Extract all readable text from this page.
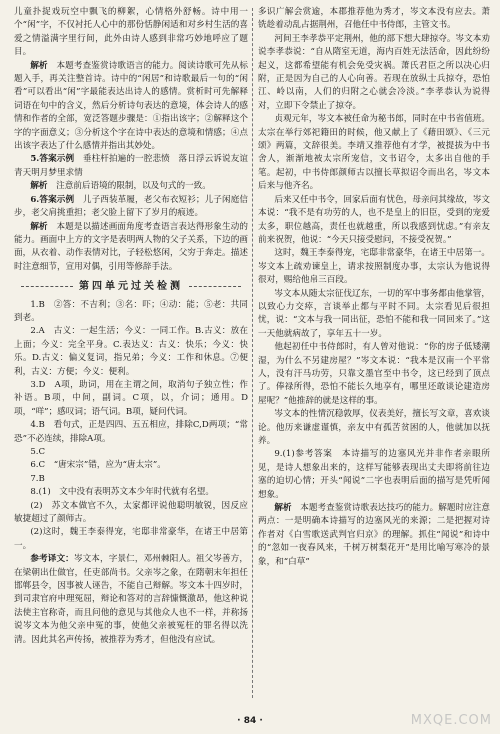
儿童扑捉戏玩空中飘飞的柳絮，心情格外舒畅。诗中用一个“闲”字，不仅衬托人心中的那份恬静闲适和对乡村生活的喜爱之情溢满字里行间，此外由诗人感到非常巧妙地呼应了题目。

解析　 本题考查鉴赏诗歌语言的能力。阅读诗歌可先从标题入手，再关注整首诗。诗中的“闲居”和诗歌最后一句的“闲看”可以看出“闲”字最能表达出诗人的感情。赏析时可先解释词语在句中的含义，然后分析诗句表达的意境，体会诗人的感情和作者的全部，宽泛答题步骤是：①指出该字；②解释这个字的字面意义；③分析这个字在诗中表达的意境和情感；④点出该字表达了什么感情并指出其妙处。

5.答案示例　 垂柱杆拍遍的一腔悲愤　落日浮云诉说友谊　青天明月梦里求情

解析　 注意前后语境的限制，以及句式的一致。

6.答案示例　 儿子西装革履，老父布衣短衫；儿子闲庭信步，老父肩挑重担；老父脸上留下了岁月的痕迹。

解析　 本题是以描述画面角度考查语言表达得形象生动的能力。画面中上方的文字是表明两人物的父子关系，下边的画面，从衣着、动作表情对比，子轻松悠闲，父穷于奔走。描述时注意细节，宣用对偶，引用等修辞手法。

第四单元过关检测

1.B　②答：不吉利；③名：吓；④动：能；⑤老：共同到老。

2.A　古义：一起生活；今义：一同工作。B.古义：放在上面；今义：完全平身。C.表达义：古义：快乐；今义：快乐。D.古义：偏义复词，指兄弟；今义：工作和休息。⑦便利，古义：方便；今义：便利。

3.D　A项，助词，用在主谓之间，取消句子独立性；作补语。B项，中间，副词。C项，以，介词；通用。D项，“咩”；感叹词；语气词。B项，疑问代词。

4.B　看句式，正是四四、五五相应，排除C,D两项；“常恐”不必连续，排除A项。

5.C

6.C　“唐宋宗”错，应为“唐太宗”。

7.B

8.(1)　文中没有表明苏文本少年时代就有名望。

(2)　苏文本做官不久，太家都评说他聪明敏锐，因反应敏捷超过了颜师古。

(2)这时，魏王李泰得宠，宅邸非常豪华，在诸王中居第一。

参考译文：岑文本，字景仁，邓州棘阳人。祖父岑善方，在梁朝出仕做官，任吏部尚书。父亲岑之象，在隋朝末年担任邯郸县令，因事被人诬告，不能自己辩解。岑文本十四岁时，到司隶官府申理冤屈，辩论和答对的言辞慷慨激昂，他这种说法使主官称奇，而且问他的意见与其他众人也不一样，并称扬说岑文本为他父亲申冤的事，使他父亲被冤枉的罪名得以洗清。因此其名声传扬，被推荐为秀才，但他没有应试。

多识广解会赏逾，本郡推荐他为秀才，岑文本没有应去。萧铣趁着动乱占据荆州，召他任中书侍郎，主管文书。

河间王李孝恭平定荆州，他的部下想大肆掠夺。岑文本劝说李孝恭说：“自从隋室无道，海内百姓无法活命，因此纷纷起义，这都希望能有机会免受灾祸。萧氏君臣之所以决心归附，正是因为自己的人心向善。若现在放纵士兵掠夺，恐怕江、岭以南，人们的归附之心就会冷淡。”李孝恭认为说得对，立即下令禁止了掠夺。

贞观元年，岑文本被任命为秘书郎，同时在中书省值班。太宗在举行郊祀籍田的时候，他又献上了《藉田颂》、《三元颂》两篇，文辞很美。李靖又推荐他有才学，被提拔为中书舍人，渐渐地被太宗所宠信，文书诏令，太多出自他的手笔。起初，中书侍郎颜师古以擅长草拟诏令而出名，岑文本后来与他齐名。

后来又任中书令，回家后面有忧色，母亲问其缘故，岑文本说：“我不是有功劳的人，也不是皇上的旧臣，受到的宠爱太多，职位越高，责任也就越重，所以我感到忧虑。”有亲友前来祝贺，他说：“今天只接受慰问，不接受祝贺。”

这时，魏王李泰得宠，宅邸非常豪华，在诸王中居第一。岑文本上疏劝谏皇上，请求按照制度办事，太宗认为他说得很对，赐给他帛三百段。

岑文本从随太宗征伐辽东，一切的军中事务都由他掌管，以致心力交瘁，言谈举止都与平时不同。太宗看见后很担忧，说：“文本与我一同出征，恐怕不能和我一同回来了。”这一天他就病故了，享年五十一岁。

他起初任中书侍郎时，有人曾对他说：“你的房子低矮潮湿，为什么不另建房屋？”岑文本说：“我本是汉南一个平常人，没有汗马功劳，只靠文墨官至中书令，这已经到了顶点了。俸禄所得，恐怕不能长久地享有，哪里还敢谈论建造房屋呢？”他推辞的就是这样的事。

岑文本的性情沉稳敦厚，仪表美好，擅长写文章，喜欢谈论。他历来谦虚谨慎，亲友中有孤苦贫困的人，他就加以抚养。

9.(1)参考答案　本诗描写的边塞风光并非作者亲眼所见，是诗人想象出来的，这样写能够表现出丈夫即将前往边塞的迫切心情；开头“闻说”二字也表明后面的描写是凭听闻想象。

解析　 本题考查鉴赏诗歌表达技巧的能力。解题时应注意两点：一是明确本诗描写的边塞风光的来源；二是把握对诗作者对《白雪歌送武判官归京》的理解。抓住“闻说”和诗中的“忽如一夜春风来，千树万树梨花开”是用比喻写寒冷的景象，和“白草”

· 84 ·	MXQE.COM
